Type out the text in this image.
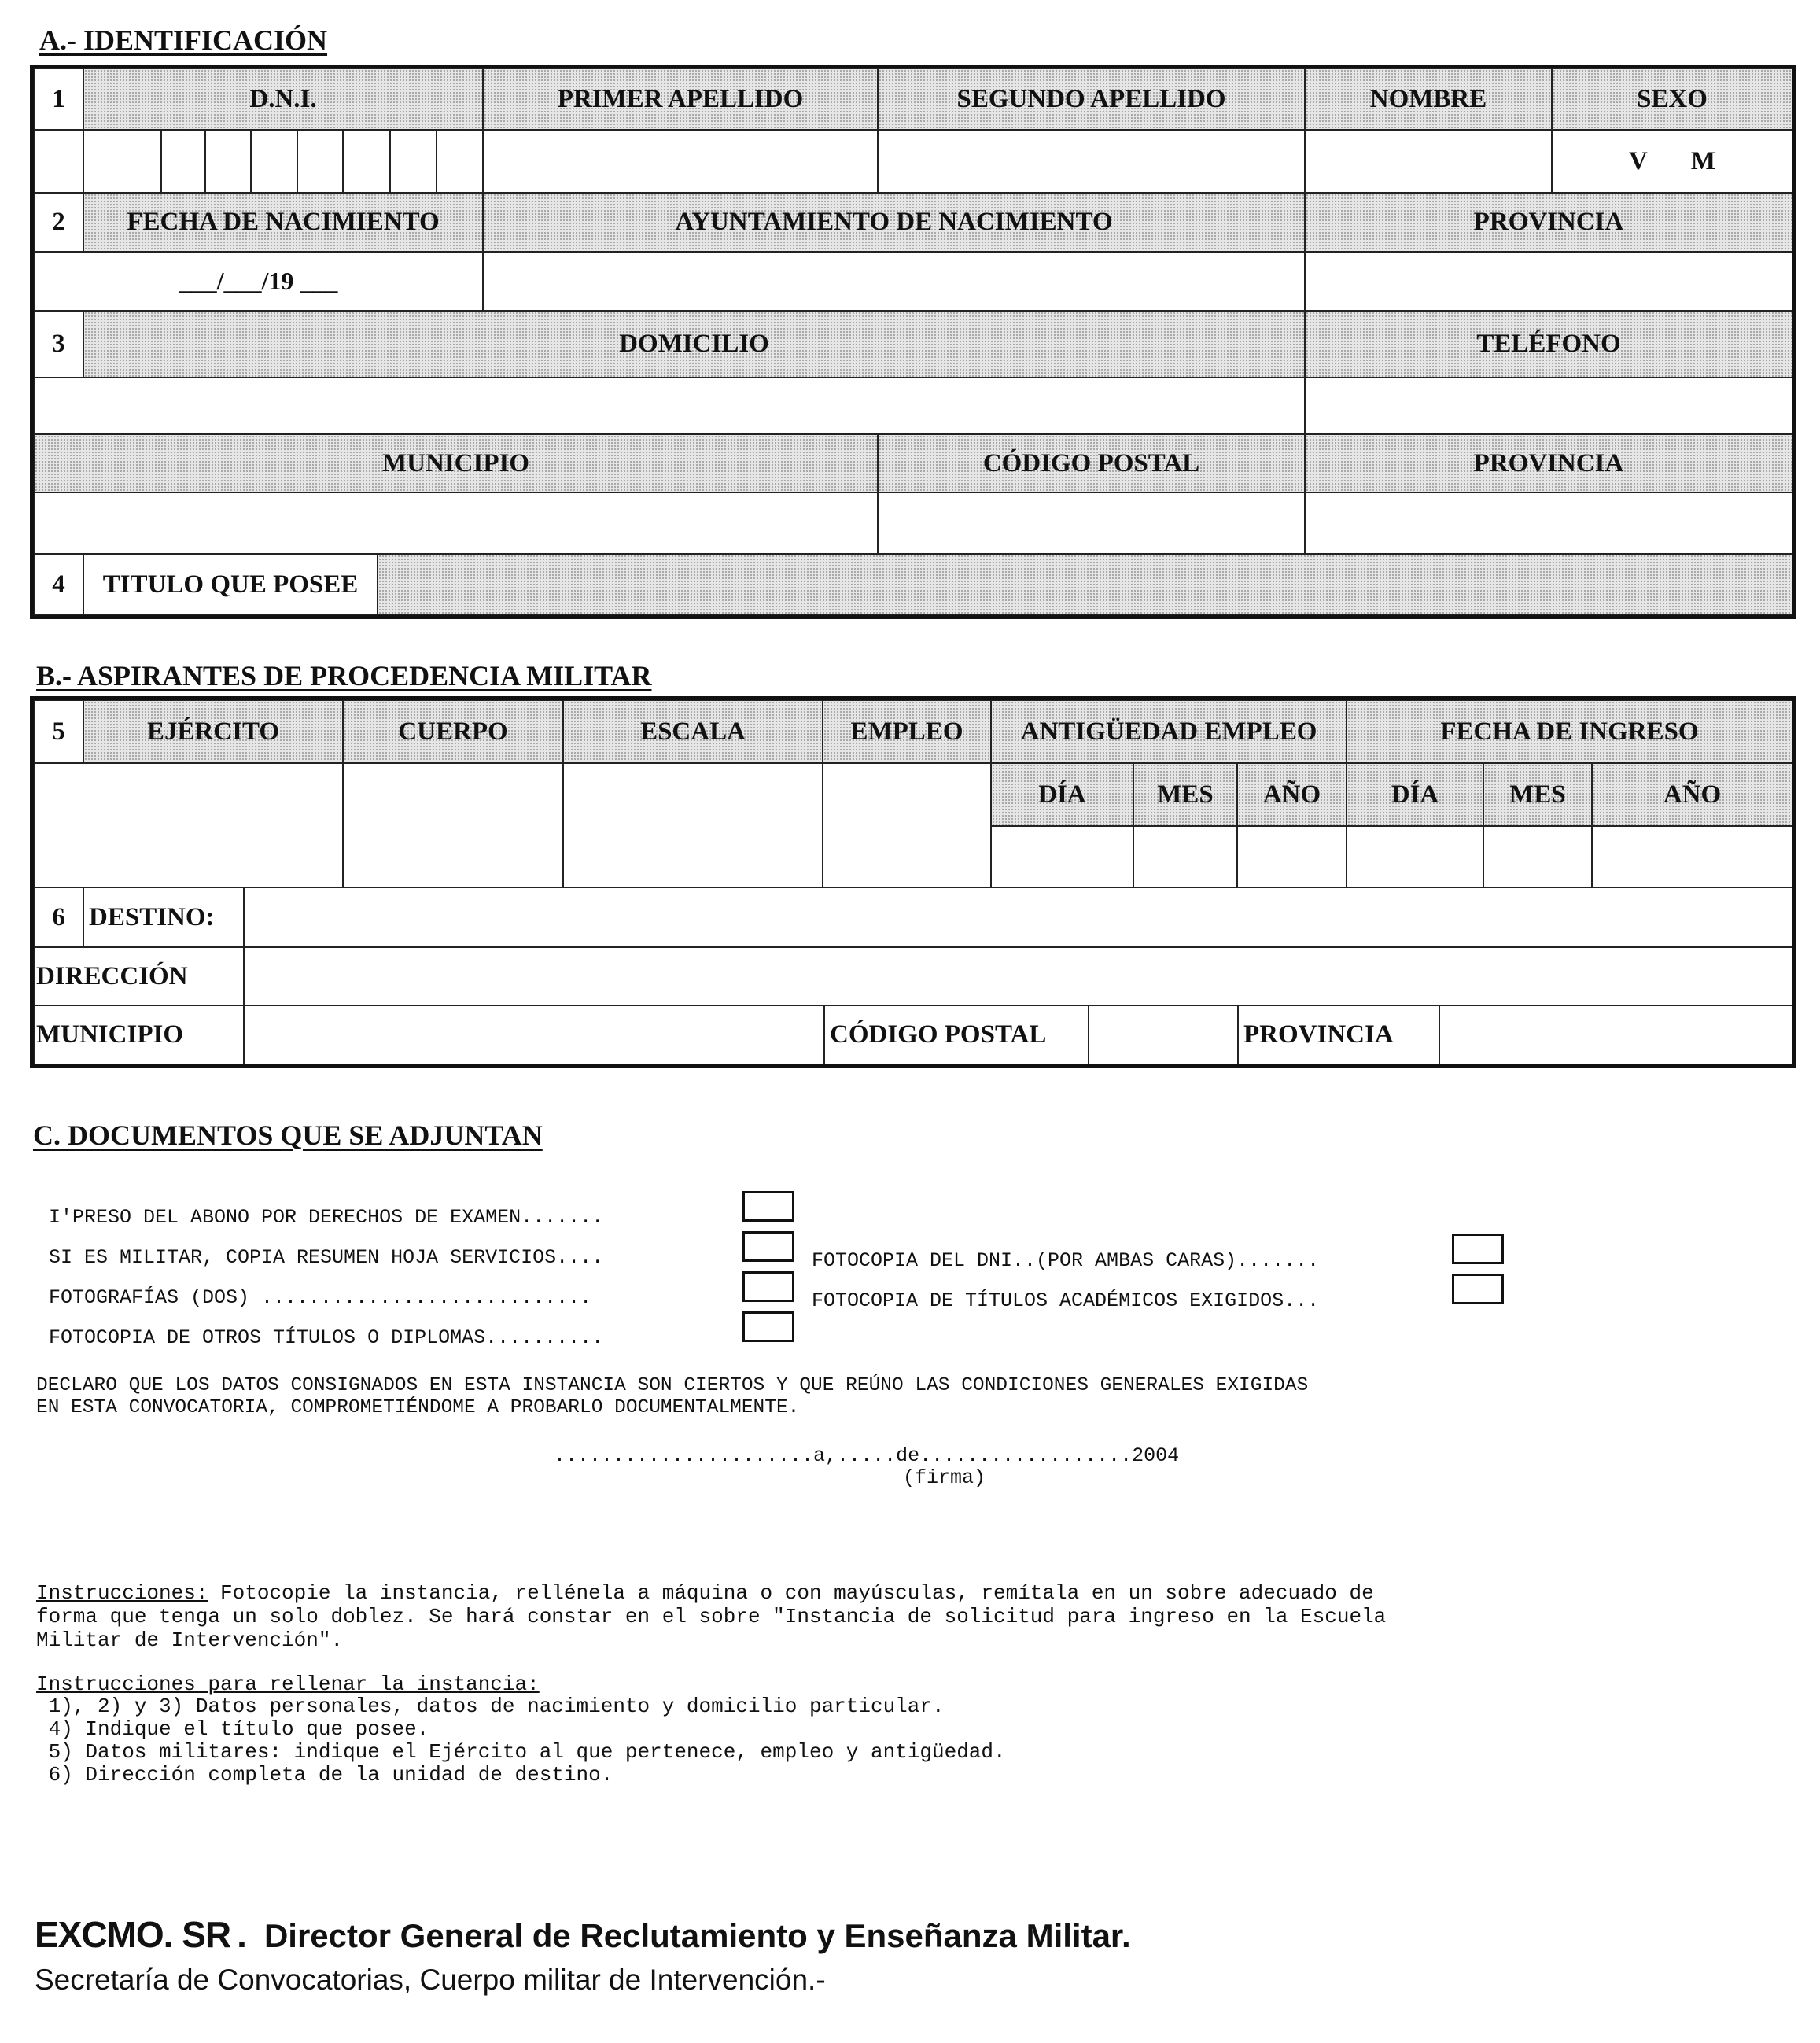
A.- IDENTIFICACIÓN
1	D.N.I.	PRIMER APELLIDO	SEGUNDO APELLIDO	NOMBRE	SEXO
V M
2	FECHA DE NACIMIENTO	AYUNTAMIENTO DE NACIMIENTO	PROVINCIA
___/___/19 ___
3	DOMICILIO	TELÉFONO
MUNICIPIO	CÓDIGO POSTAL	PROVINCIA
4	TITULO QUE POSEE
B.- ASPIRANTES DE PROCEDENCIA MILITAR
5	EJÉRCITO	CUERPO	ESCALA	EMPLEO	ANTIGÜEDAD EMPLEO	FECHA DE INGRESO
DÍA	MES	AÑO	DÍA	MES	AÑO
6 DESTINO:
DIRECCIÓN
MUNICIPIO	CÓDIGO POSTAL	PROVINCIA
C. DOCUMENTOS QUE SE ADJUNTAN
I'PRESO DEL ABONO POR DERECHOS DE EXAMEN.......
SI ES MILITAR, COPIA RESUMEN HOJA SERVICIOS....
FOTOGRAFÍAS (DOS) ............................
FOTOCOPIA DE OTROS TÍTULOS O DIPLOMAS..........
FOTOCOPIA DEL DNI..(POR AMBAS CARAS).......
FOTOCOPIA DE TÍTULOS ACADÉMICOS EXIGIDOS...
DECLARO QUE LOS DATOS CONSIGNADOS EN ESTA INSTANCIA SON CIERTOS Y QUE REÚNO LAS CONDICIONES GENERALES EXIGIDAS
EN ESTA CONVOCATORIA, COMPROMETIÉNDOME A PROBARLO DOCUMENTALMENTE.
......................a,.....de..................2004
(firma)
Instrucciones: Fotocopie la instancia, rellénela a máquina o con mayúsculas, remítala en un sobre adecuado de
forma que tenga un solo doblez. Se hará constar en el sobre "Instancia de solicitud para ingreso en la Escuela
Militar de Intervención".
Instrucciones para rellenar la instancia:
1), 2) y 3) Datos personales, datos de nacimiento y domicilio particular.
4) Indique el título que posee.
5) Datos militares: indique el Ejército al que pertenece, empleo y antigüedad.
6) Dirección completa de la unidad de destino.
EXCMO. SR . Director General de Reclutamiento y Enseñanza Militar.
Secretaría de Convocatorias, Cuerpo militar de Intervención.-
